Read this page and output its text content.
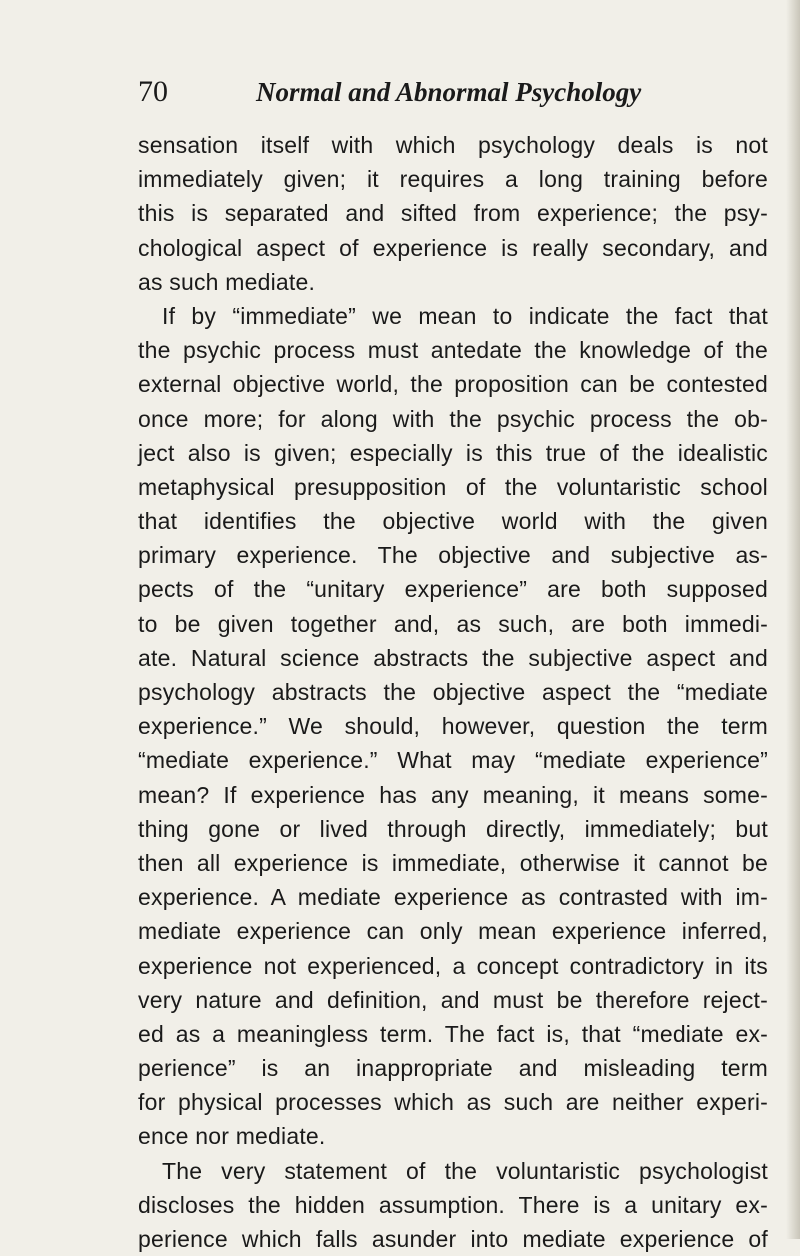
70	Normal and Abnormal Psychology
sensation itself with which psychology deals is not
immediately given; it requires a long training before
this is separated and sifted from experience; the psy-
chological aspect of experience is really secondary, and
as such mediate.
If by “immediate” we mean to indicate the fact that
the psychic process must antedate the knowledge of the
external objective world, the proposition can be contested
once more; for along with the psychic process the ob-
ject also is given; especially is this true of the idealistic
metaphysical presupposition of the voluntaristic school
that identifies the objective world with the given
primary experience. The objective and subjective as-
pects of the “unitary experience” are both supposed
to be given together and, as such, are both immedi-
ate. Natural science abstracts the subjective aspect and
psychology abstracts the objective aspect the “mediate
experience.” We should, however, question the term
“mediate experience.” What may “mediate experience”
mean? If experience has any meaning, it means some-
thing gone or lived through directly, immediately; but
then all experience is immediate, otherwise it cannot be
experience. A mediate experience as contrasted with im-
mediate experience can only mean experience inferred,
experience not experienced, a concept contradictory in its
very nature and definition, and must be therefore reject-
ed as a meaningless term. The fact is, that “mediate ex-
perience” is an inappropriate and misleading term
for physical processes which as such are neither experi-
ence nor mediate.
The very statement of the voluntaristic psychologist
discloses the hidden assumption. There is a unitary ex-
perience which falls asunder into mediate experience of
